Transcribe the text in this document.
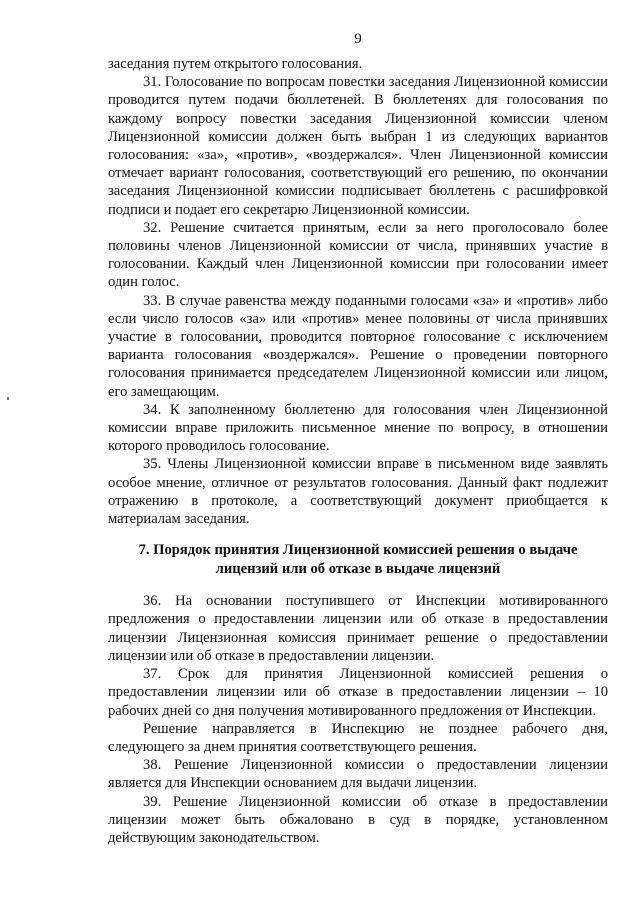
9

заседания путем открытого голосования.

31. Голосование по вопросам повестки заседания Лицензионной комиссии проводится путем подачи бюллетеней. В бюллетенях для голосования по каждому вопросу повестки заседания Лицензионной комиссии членом Лицензионной комиссии должен быть выбран 1 из следующих вариантов голосования: «за», «против», «воздержался». Член Лицензионной комиссии отмечает вариант голосования, соответствующий его решению, по окончании заседания Лицензионной комиссии подписывает бюллетень с расшифровкой подписи и подает его секретарю Лицензионной комиссии.

32. Решение считается принятым, если за него проголосовало более половины членов Лицензионной комиссии от числа, принявших участие в голосовании. Каждый член Лицензионной комиссии при голосовании имеет один голос.

33. В случае равенства между поданными голосами «за» и «против» либо если число голосов «за» или «против» менее половины от числа принявших участие в голосовании, проводится повторное голосование с исключением варианта голосования «воздержался». Решение о проведении повторного голосования принимается председателем Лицензионной комиссии или лицом, его замещающим.

34. К заполненному бюллетеню для голосования член Лицензионной комиссии вправе приложить письменное мнение по вопросу, в отношении которого проводилось голосование.

35. Члены Лицензионной комиссии вправе в письменном виде заявлять особое мнение, отличное от результатов голосования. Данный факт подлежит отражению в протоколе, а соответствующий документ приобщается к материалам заседания.

7. Порядок принятия Лицензионной комиссией решения о выдаче лицензий или об отказе в выдаче лицензий

36. На основании поступившего от Инспекции мотивированного предложения о предоставлении лицензии или об отказе в предоставлении лицензии Лицензионная комиссия принимает решение о предоставлении лицензии или об отказе в предоставлении лицензии.

37. Срок для принятия Лицензионной комиссией решения о предоставлении лицензии или об отказе в предоставлении лицензии – 10 рабочих дней со дня получения мотивированного предложения от Инспекции.

Решение направляется в Инспекцию не позднее рабочего дня, следующего за днем принятия соответствующего решения.

38. Решение Лицензионной комиссии о предоставлении лицензии является для Инспекции основанием для выдачи лицензии.

39. Решение Лицензионной комиссии об отказе в предоставлении лицензии может быть обжаловано в суд в порядке, установленном действующим законодательством.
